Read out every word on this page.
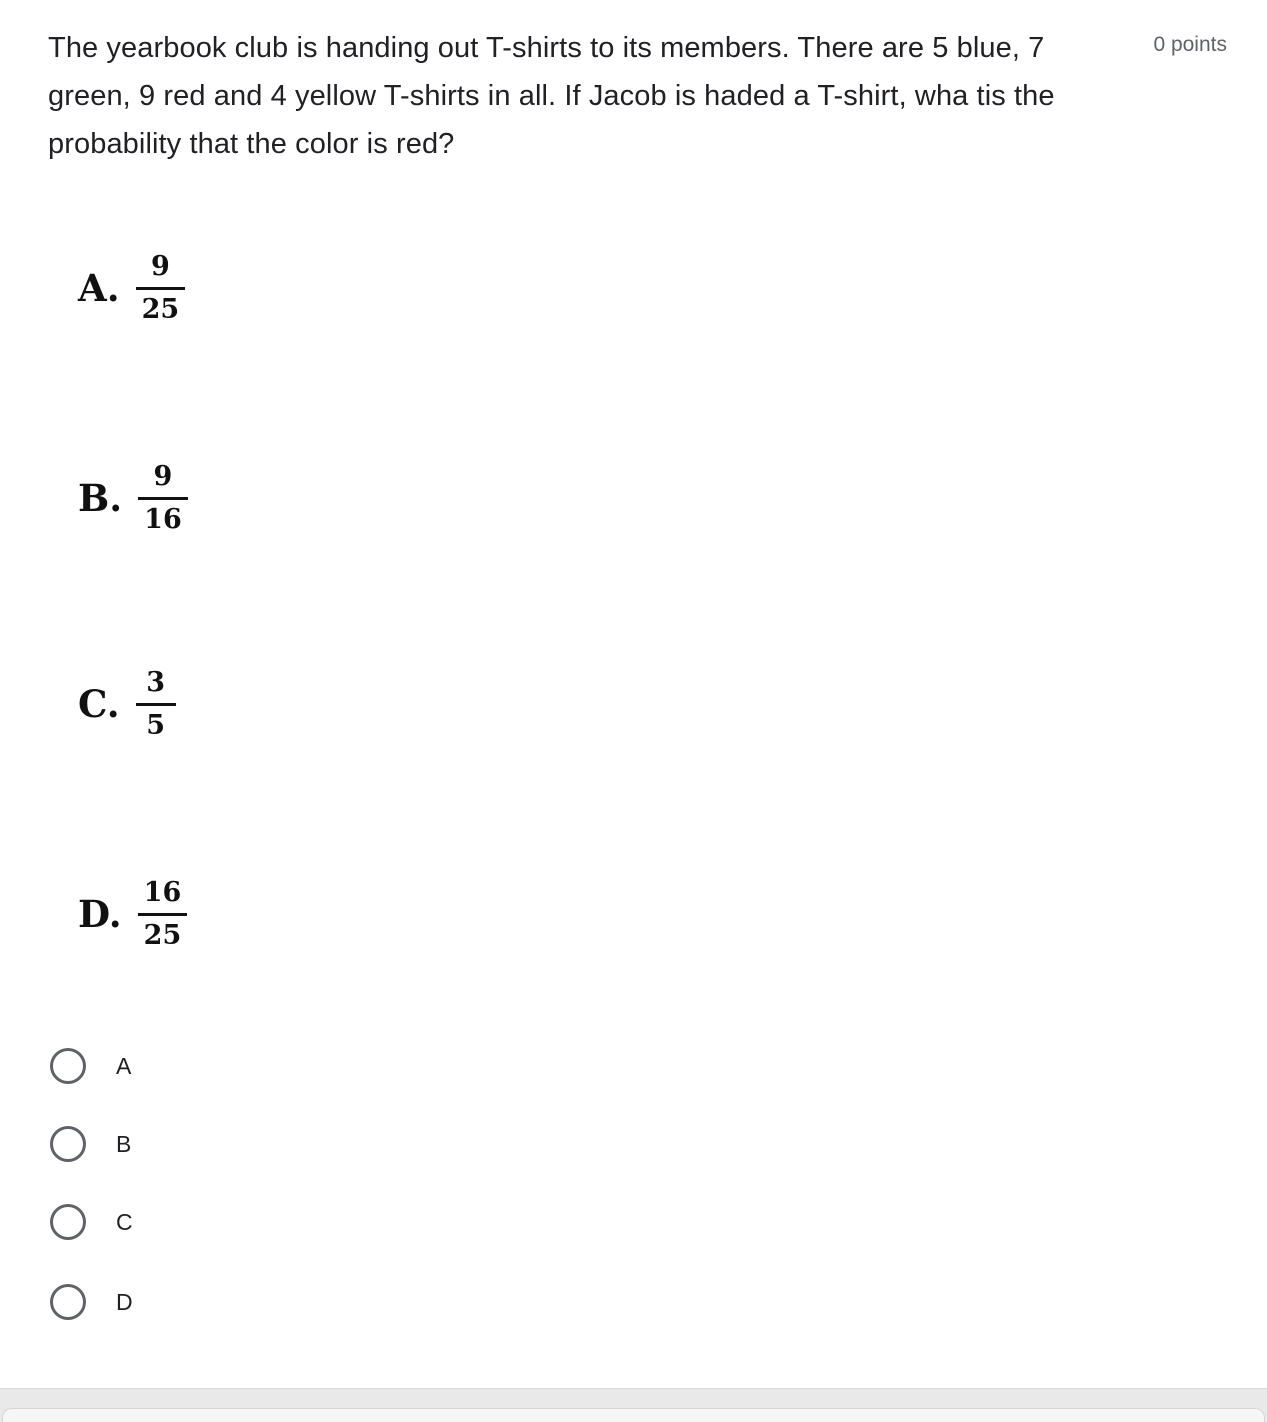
The yearbook club is handing out T-shirts to its members. There are 5 blue, 7 green, 9 red and 4 yellow T-shirts in all. If Jacob is haded a T-shirt, wha tis the probability that the color is red?
0 points
A. $\frac{9}{25}$
B. $\frac{9}{16}$
C. $\frac{3}{5}$
D. $\frac{16}{25}$
A
B
C
D
